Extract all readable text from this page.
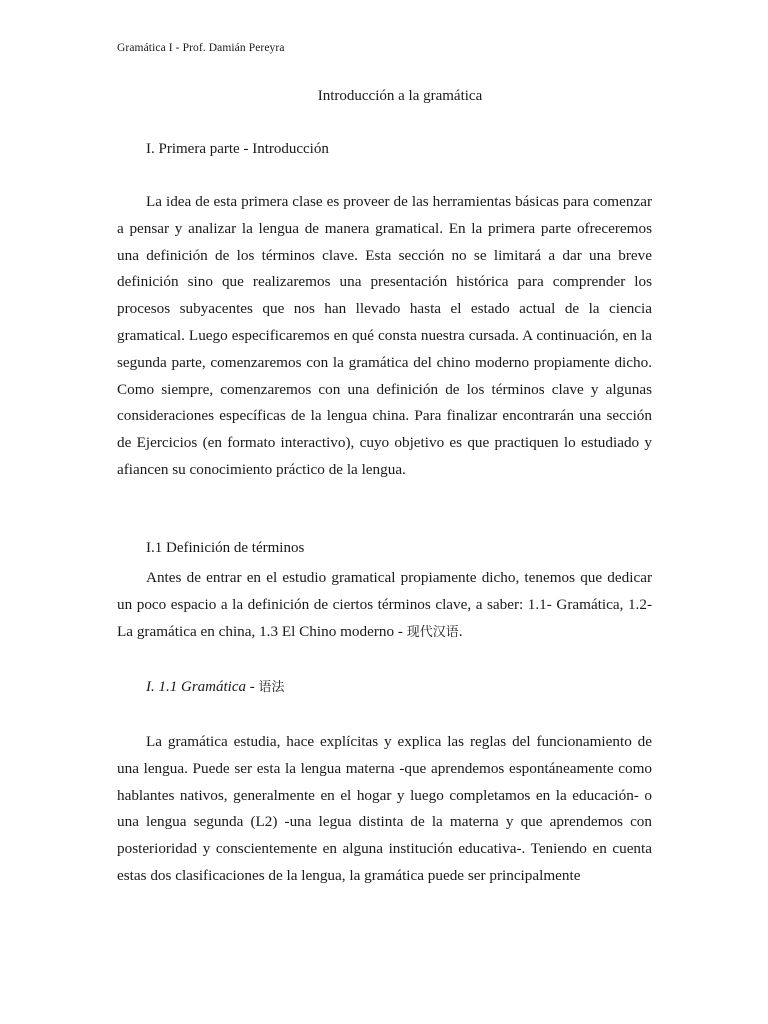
Gramática I - Prof. Damián Pereyra
Introducción a la gramática
I. Primera parte - Introducción

La idea de esta primera clase es proveer de las herramientas básicas para comenzar a pensar y analizar la lengua de manera gramatical. En la primera parte ofreceremos una definición de los términos clave. Esta sección no se limitará a dar una breve definición sino que realizaremos una presentación histórica para comprender los procesos subyacentes que nos han llevado hasta el estado actual de la ciencia gramatical. Luego especificaremos en qué consta nuestra cursada. A continuación, en la segunda parte, comenzaremos con la gramática del chino moderno propiamente dicho. Como siempre, comenzaremos con una definición de los términos clave y algunas consideraciones específicas de la lengua china. Para finalizar encontrarán una sección de Ejercicios (en formato interactivo), cuyo objetivo es que practiquen lo estudiado y afiancen su conocimiento práctico de la lengua.

I.1 Definición de términos

Antes de entrar en el estudio gramatical propiamente dicho, tenemos que dedicar un poco espacio a la definición de ciertos términos clave, a saber: 1.1- Gramática, 1.2- La gramática en china, 1.3 El Chino moderno - 现代汉语.

I. 1.1 Gramática - 语法

La gramática estudia, hace explícitas y explica las reglas del funcionamiento de una lengua. Puede ser esta la lengua materna -que aprendemos espontáneamente como hablantes nativos, generalmente en el hogar y luego completamos en la educación- o una lengua segunda (L2) -una legua distinta de la materna y que aprendemos con posterioridad y conscientemente en alguna institución educativa-. Teniendo en cuenta estas dos clasificaciones de la lengua, la gramática puede ser principalmente
